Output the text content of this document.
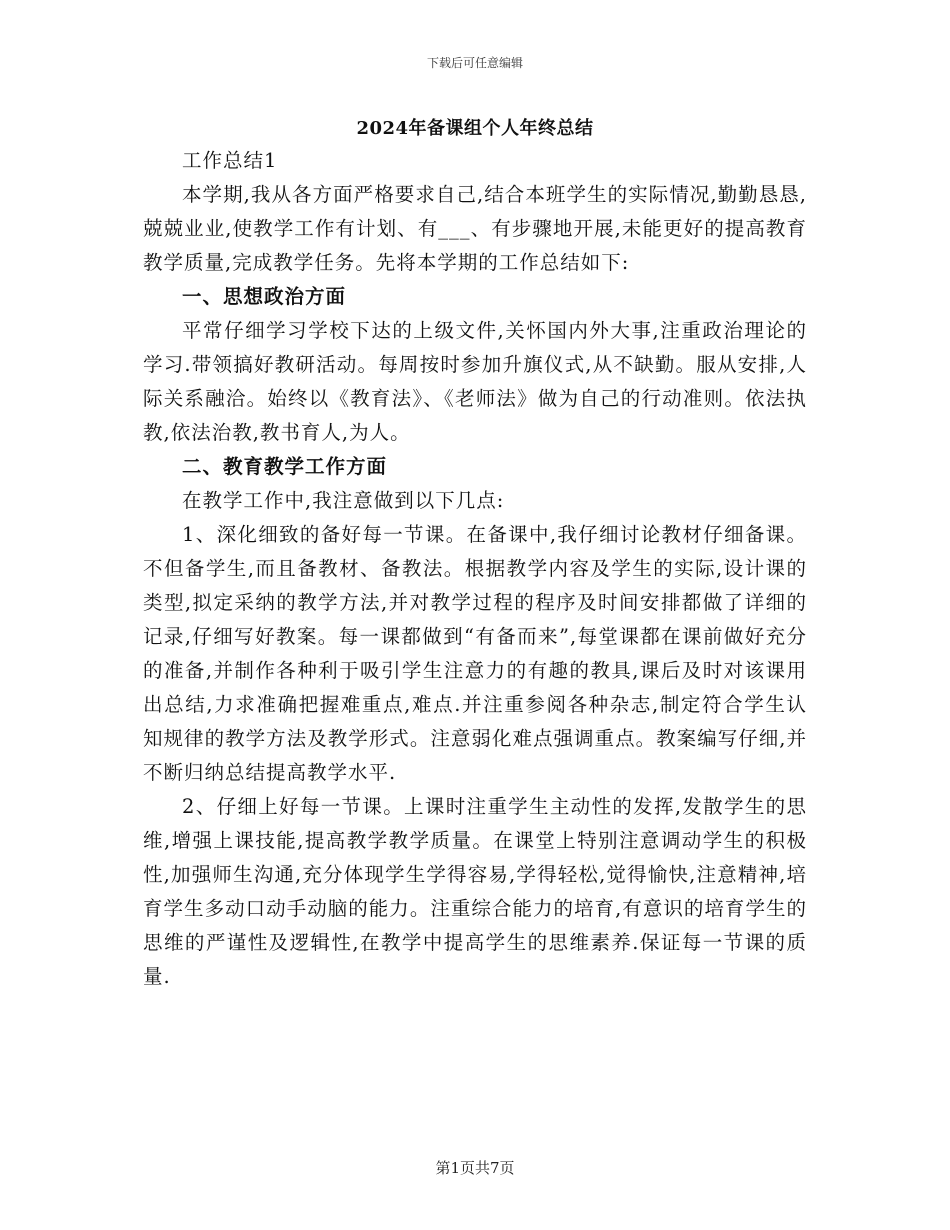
下载后可任意编辑
2024年备课组个人年终总结

工作总结1

本学期,我从各方面严格要求自己,结合本班学生的实际情况,勤勤恳恳,兢兢业业,使教学工作有计划、有___、有步骤地开展,未能更好的提高教育教学质量,完成教学任务。先将本学期的工作总结如下:

一、思想政治方面

平常仔细学习学校下达的上级文件,关怀国内外大事,注重政治理论的学习.带领搞好教研活动。每周按时参加升旗仪式,从不缺勤。服从安排,人际关系融洽。始终以《教育法》、《老师法》做为自己的行动准则。依法执教,依法治教,教书育人,为人。

二、教育教学工作方面

在教学工作中,我注意做到以下几点:

1、深化细致的备好每一节课。在备课中,我仔细讨论教材仔细备课。不但备学生,而且备教材、备教法。根据教学内容及学生的实际,设计课的类型,拟定采纳的教学方法,并对教学过程的程序及时间安排都做了详细的记录,仔细写好教案。每一课都做到“有备而来”,每堂课都在课前做好充分的准备,并制作各种利于吸引学生注意力的有趣的教具,课后及时对该课用出总结,力求准确把握难重点,难点.并注重参阅各种杂志,制定符合学生认知规律的教学方法及教学形式。注意弱化难点强调重点。教案编写仔细,并不断归纳总结提高教学水平.

2、仔细上好每一节课。上课时注重学生主动性的发挥,发散学生的思维,增强上课技能,提高教学教学质量。在课堂上特别注意调动学生的积极性,加强师生沟通,充分体现学生学得容易,学得轻松,觉得愉快,注意精神,培育学生多动口动手动脑的能力。注重综合能力的培育,有意识的培育学生的思维的严谨性及逻辑性,在教学中提高学生的思维素养.保证每一节课的质量.

第1页共7页
